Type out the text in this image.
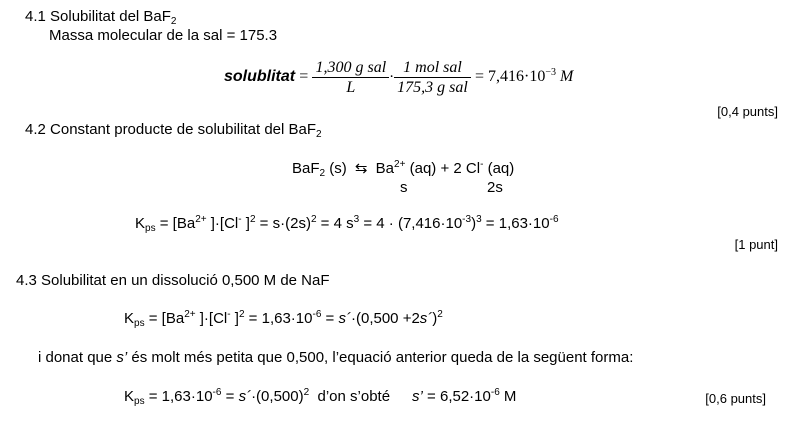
4.1 Solubilitat del BaF$_2$
Massa molecular de la sal = 175.3
solublitat = $\frac{\text{1,300 g sal}}{L} \cdot \frac{\text{1 mol sal}}{\text{175,3 g sal}} = 7,416\cdot 10^{-3}$ M
[0,4 punts]
4.2 Constant producte de solubilitat del BaF$_2$
BaF$_2$ (s) ⇆ $Ba^{2+}$ (aq) + 2 Cl- (aq)
s	2s
$K_{ps} = [Ba^{2+}$ ]·[Cl- ]$^2 = s\cdot(2s)^2 = 4$ $s^3 = 4 \cdot (7,416\cdot 10^{-3})^3 = 1,63\cdot 10^{-6}$
[1 punt]
4.3 Solubilitat en un dissolució 0,500 M de NaF
$K_{ps} = [Ba^{2+}$ ]·[Cl- ]$^2 = 1,63\cdot 10^{-6}$ = s´·(0,500 +2s´)$^2$
i donat que s’ és molt més petita que 0,500, l’equació anterior queda de la següent forma:
$K_{ps} = 1,63\cdot 10^{-6}$ = $s´\cdot(0,500)^2$  d’on s’obté s’ = $6,52\cdot 10^{-6}$ M	[0,6 punts]
